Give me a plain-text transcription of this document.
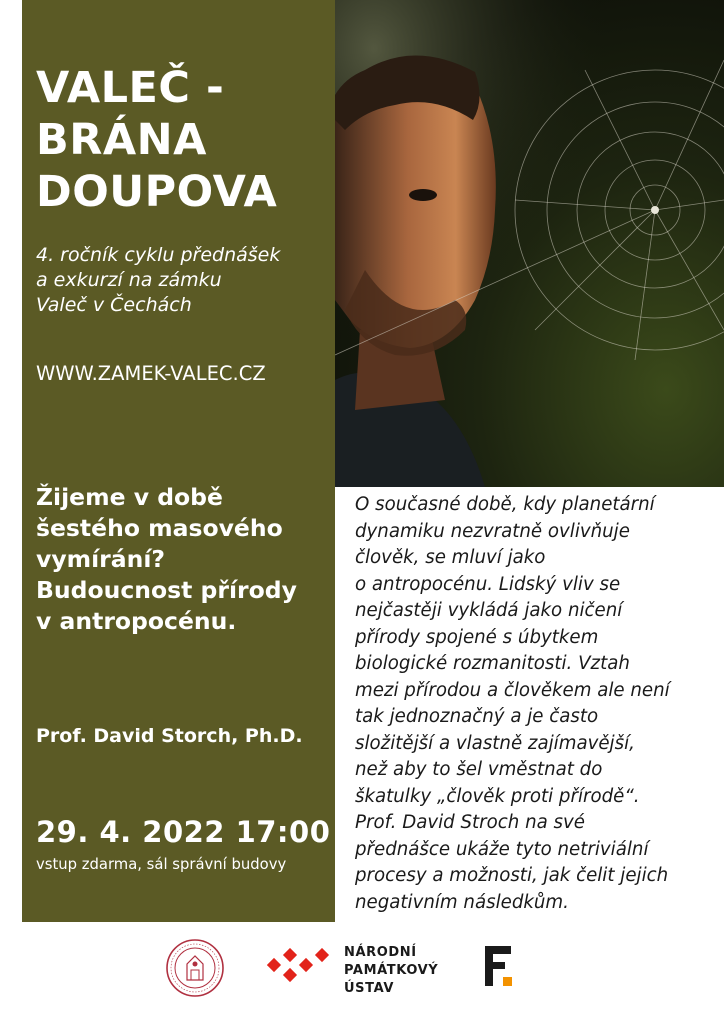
VALEČ -
BRÁNA
DOUPOVA
4. ročník cyklu přednášek
a exkurzí na zámku
Valeč v Čechách
WWW.ZAMEK-VALEC.CZ
Žijeme v době
šestého masového
vymírání?
Budoucnost přírody
v antropocénu.
Prof. David Storch, Ph.D.
29. 4. 2022 17:00
vstup zdarma, sál správní budovy
O současné době, kdy planetární
dynamiku nezvratně ovlivňuje
člověk, se mluví jako
o antropocénu. Lidský vliv se
nejčastěji vykládá jako ničení
přírody spojené s úbytkem
biologické rozmanitosti. Vztah
mezi přírodou a člověkem ale není
tak jednoznačný a je často
složitější a vlastně zajímavější,
než aby to šel vměstnat do
škatulky „člověk proti přírodě“.
Prof. David Stroch na své
přednášce ukáže tyto netriviální
procesy a možnosti, jak čelit jejich
negativním následkům.
NÁRODNÍ
PAMÁTKOVÝ
ÚSTAV
